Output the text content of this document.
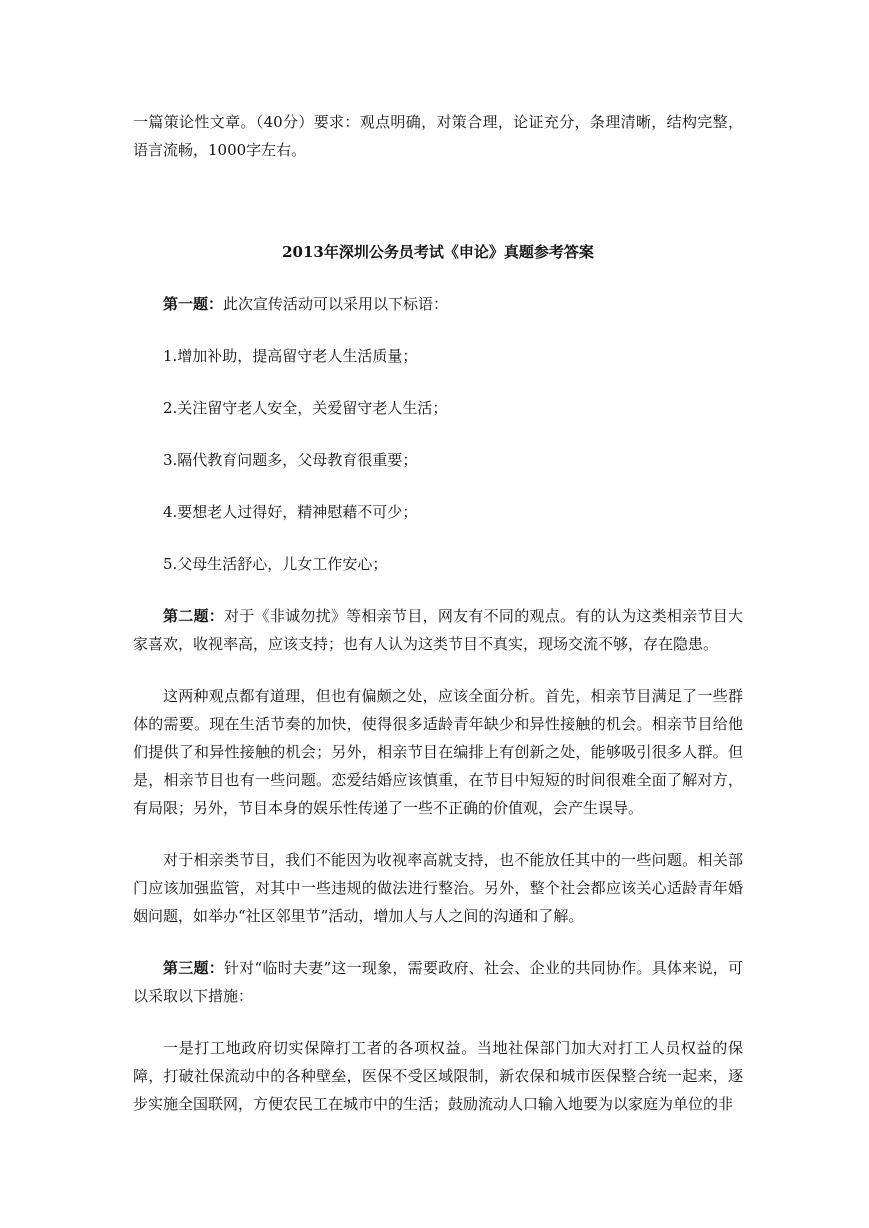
一篇策论性文章。（40分）要求：观点明确，对策合理，论证充分，条理清晰，结构完整，语言流畅，1000字左右。

2013年深圳公务员考试《申论》真题参考答案

第一题：此次宣传活动可以采用以下标语：

1.增加补助，提高留守老人生活质量；

2.关注留守老人安全，关爱留守老人生活；

3.隔代教育问题多，父母教育很重要；

4.要想老人过得好，精神慰藉不可少；

5.父母生活舒心，儿女工作安心；

第二题：对于《非诚勿扰》等相亲节目，网友有不同的观点。有的认为这类相亲节目大家喜欢，收视率高，应该支持；也有人认为这类节目不真实，现场交流不够，存在隐患。

这两种观点都有道理，但也有偏颇之处，应该全面分析。首先，相亲节目满足了一些群体的需要。现在生活节奏的加快，使得很多适龄青年缺少和异性接触的机会。相亲节目给他们提供了和异性接触的机会；另外，相亲节目在编排上有创新之处，能够吸引很多人群。但是，相亲节目也有一些问题。恋爱结婚应该慎重，在节目中短短的时间很难全面了解对方，有局限；另外，节目本身的娱乐性传递了一些不正确的价值观，会产生误导。

对于相亲类节目，我们不能因为收视率高就支持，也不能放任其中的一些问题。相关部门应该加强监管，对其中一些违规的做法进行整治。另外，整个社会都应该关心适龄青年婚姻问题，如举办“社区邻里节”活动，增加人与人之间的沟通和了解。

第三题：针对“临时夫妻”这一现象，需要政府、社会、企业的共同协作。具体来说，可以采取以下措施：

一是打工地政府切实保障打工者的各项权益。当地社保部门加大对打工人员权益的保障，打破社保流动中的各种壁垒，医保不受区域限制，新农保和城市医保整合统一起来，逐步实施全国联网，方便农民工在城市中的生活；鼓励流动人口输入地要为以家庭为单位的非
